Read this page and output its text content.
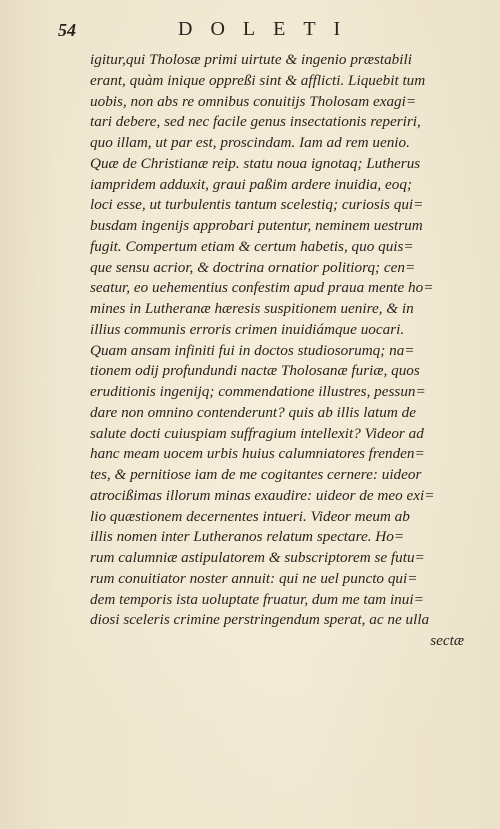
54	DOLETI
igitur,qui Tholosæ primi uirtute & ingenio præstabili
erant, quàm inique oppreßi sint & afflicti. Liquebit tum
uobis, non abs re omnibus conuitijs Tholosam exagi=
tari debere, sed nec facile genus insectationis reperiri,
quo illam, ut par est, proscindam. Iam ad rem uenio.
Quæ de Christianæ reip. statu noua ignotaq; Lutherus
iampridem adduxit, graui paßim ardere inuidia, eoq;
loci esse, ut turbulentis tantum scelestiq; curiosis qui=
busdam ingenijs approbari putentur, neminem uestrum
fugit. Compertum etiam & certum habetis, quo quis=
que sensu acrior, & doctrina ornatior politiorq; cen=
seatur, eo uehementius confestim apud praua mente ho=
mines in Lutheranæ hæresis suspitionem uenire, & in
illius communis erroris crimen inuidiámque uocari.
Quam ansam infiniti fui in doctos studiosorumq; na=
tionem odij profundundi nactæ Tholosanæ furiæ, quos
eruditionis ingenijq; commendatione illustres, pessun=
dare non omnino contenderunt? quis ab illis latum de
salute docti cuiuspiam suffragium intellexit? Videor ad
hanc meam uocem urbis huius calumniatores frenden=
tes, & pernitiose iam de me cogitantes cernere: uideor
atrocißimas illorum minas exaudire: uideor de meo exi=
lio quæstionem decernentes intueri. Videor meum ab
illis nomen inter Lutheranos relatum spectare. Ho=
rum calumniæ astipulatorem & subscriptorem se futu=
rum conuitiator noster annuit: qui ne uel puncto qui=
dem temporis ista uoluptate fruatur, dum me tam inui=
diosi sceleris crimine perstringendum sperat, ac ne ulla
sectæ
